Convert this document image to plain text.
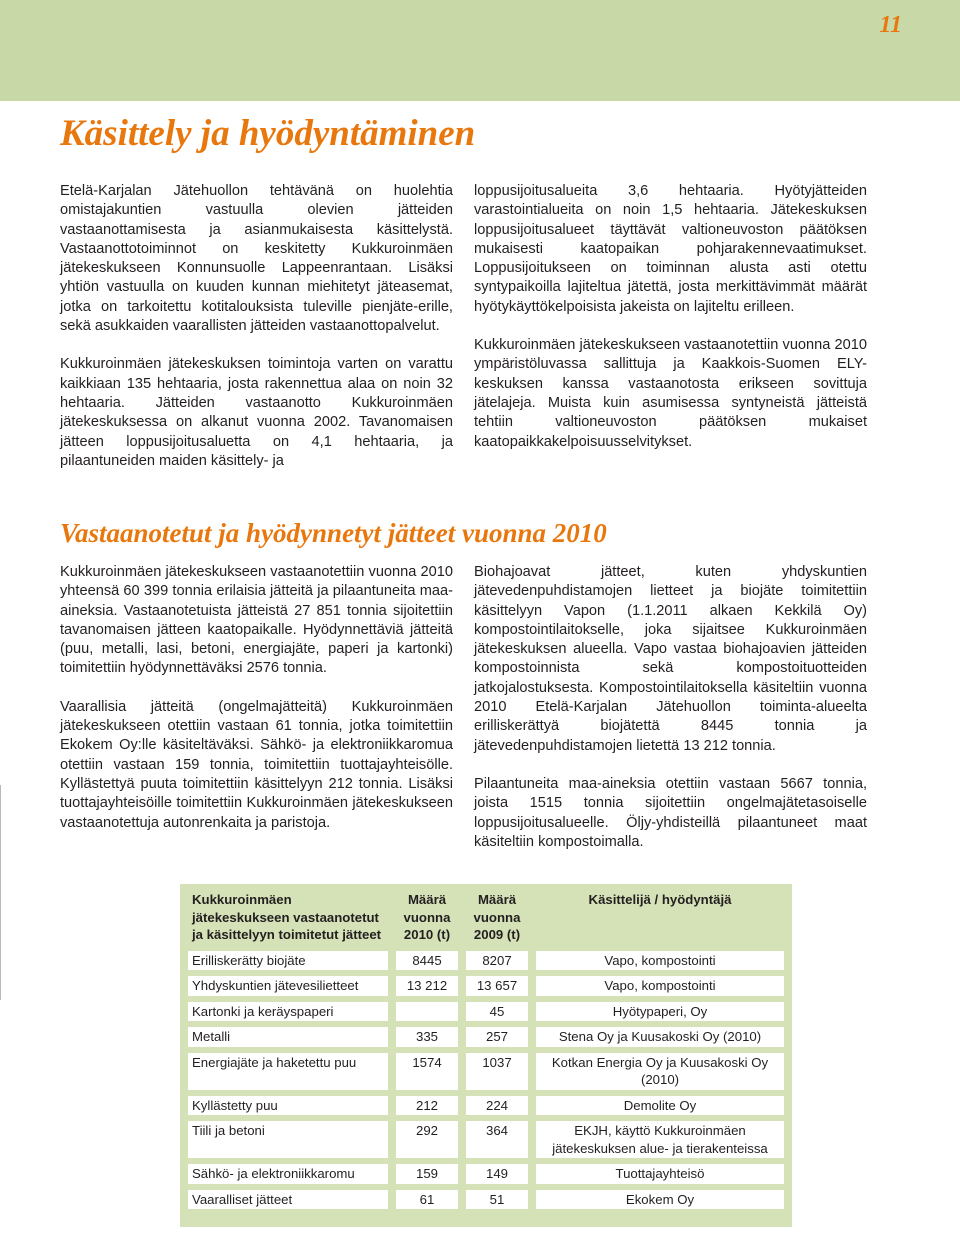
11
Käsittely ja hyödyntäminen

Etelä-Karjalan Jätehuollon tehtävänä on huolehtia omistajakuntien vastuulla olevien jätteiden vastaanottamisesta ja asianmukaisesta käsittelystä. Vastaanottotoiminnot on keskitetty Kukkuroinmäen jätekeskukseen Konnunsuolle Lappeenrantaan. Lisäksi yhtiön vastuulla on kuuden kunnan miehitetyt jäteasemat, jotka on tarkoitettu kotitalouksista tuleville pienjäte-erille, sekä asukkaiden vaarallisten jätteiden vastaanottopalvelut.

Kukkuroinmäen jätekeskuksen toimintoja varten on varattu kaikkiaan 135 hehtaaria, josta rakennettua alaa on noin 32 hehtaaria. Jätteiden vastaanotto Kukkuroinmäen jätekeskuksessa on alkanut vuonna 2002. Tavanomaisen jätteen loppusijoitusaluetta on 4,1 hehtaaria, ja pilaantuneiden maiden käsittely- ja

loppusijoitusalueita 3,6 hehtaaria. Hyötyjätteiden varastointialueita on noin 1,5 hehtaaria. Jätekeskuksen loppusijoitusalueet täyttävät valtioneuvoston päätöksen mukaisesti kaatopaikan pohjarakennevaatimukset. Loppusijoitukseen on toiminnan alusta asti otettu syntypaikoilla lajiteltua jätettä, josta merkittävimmät määrät hyötykäyttökelpoisista jakeista on lajiteltu erilleen.

Kukkuroinmäen jätekeskukseen vastaanotettiin vuonna 2010 ympäristöluvassa sallittuja ja Kaakkois-Suomen ELY-keskuksen kanssa vastaanotosta erikseen sovittuja jätelajeja. Muista kuin asumisessa syntyneistä jätteistä tehtiin valtioneuvoston päätöksen mukaiset kaatopaikkakelpoisuusselvitykset.

Vastaanotetut ja hyödynnetyt jätteet vuonna 2010

Kukkuroinmäen jätekeskukseen vastaanotettiin vuonna 2010 yhteensä 60 399 tonnia erilaisia jätteitä ja pilaantuneita maa-aineksia. Vastaanotetuista jätteistä 27 851 tonnia sijoitettiin tavanomaisen jätteen kaatopaikalle. Hyödynnettäviä jätteitä (puu, metalli, lasi, betoni, energiajäte, paperi ja kartonki) toimitettiin hyödynnettäväksi 2576 tonnia.

Vaarallisia jätteitä (ongelmajätteitä) Kukkuroinmäen jätekeskukseen otettiin vastaan 61 tonnia, jotka toimitettiin Ekokem Oy:lle käsiteltäväksi. Sähkö- ja elektroniikkaromua otettiin vastaan 159 tonnia, toimitettiin tuottajayhteisölle. Kyllästettyä puuta toimitettiin käsittelyyn 212 tonnia. Lisäksi tuottajayhteisöille toimitettiin Kukkuroinmäen jätekeskukseen vastaanotettuja autonrenkaita ja paristoja.

Biohajoavat jätteet, kuten yhdyskuntien jätevedenpuhdistamojen lietteet ja biojäte toimitettiin käsittelyyn Vapon (1.1.2011 alkaen Kekkilä Oy) kompostointilaitokselle, joka sijaitsee Kukkuroinmäen jätekeskuksen alueella. Vapo vastaa biohajoavien jätteiden kompostoinnista sekä kompostoituotteiden jatkojalostuksesta. Kompostointilaitoksella käsiteltiin vuonna 2010 Etelä-Karjalan Jätehuollon toiminta-alueelta erilliskerättyä biojätettä 8445 tonnia ja jätevedenpuhdistamojen lietettä 13 212 tonnia.

Pilaantuneita maa-aineksia otettiin vastaan 5667 tonnia, joista 1515 tonnia sijoitettiin ongelmajätetasoiselle loppusijoitusalueelle. Öljy-yhdisteillä pilaantuneet maat käsiteltiin kompostoimalla.

Kukkuroinmäen jätekeskukseen vastaanotetut ja käsittelyyn toimitetut jätteet	Määrä vuonna 2010 (t)	Määrä vuonna 2009 (t)	Käsittelijä / hyödyntäjä
Erilliskerätty biojäte	8445	8207	Vapo, kompostointi
Yhdyskuntien jätevesilietteet	13 212	13 657	Vapo, kompostointi
Kartonki ja keräyspaperi		45	Hyötypaperi, Oy
Metalli	335	257	Stena Oy ja Kuusakoski Oy (2010)
Energiajäte ja haketettu puu	1574	1037	Kotkan Energia Oy ja Kuusakoski Oy (2010)
Kyllästetty puu	212	224	Demolite Oy
Tiili ja betoni	292	364	EKJH, käyttö Kukkuroinmäen jätekeskuksen alue- ja tierakenteissa
Sähkö- ja elektroniikkaromu	159	149	Tuottajayhteisö
Vaaralliset jätteet	61	51	Ekokem Oy
